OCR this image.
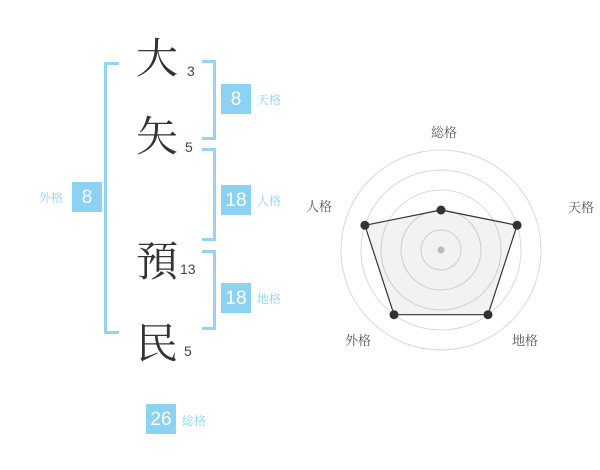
大
矢
預
民
3
5
13
5
8	天格
18 人格
18 地格
外格 8
26 総格
総格
天格
地格
外格
人格
